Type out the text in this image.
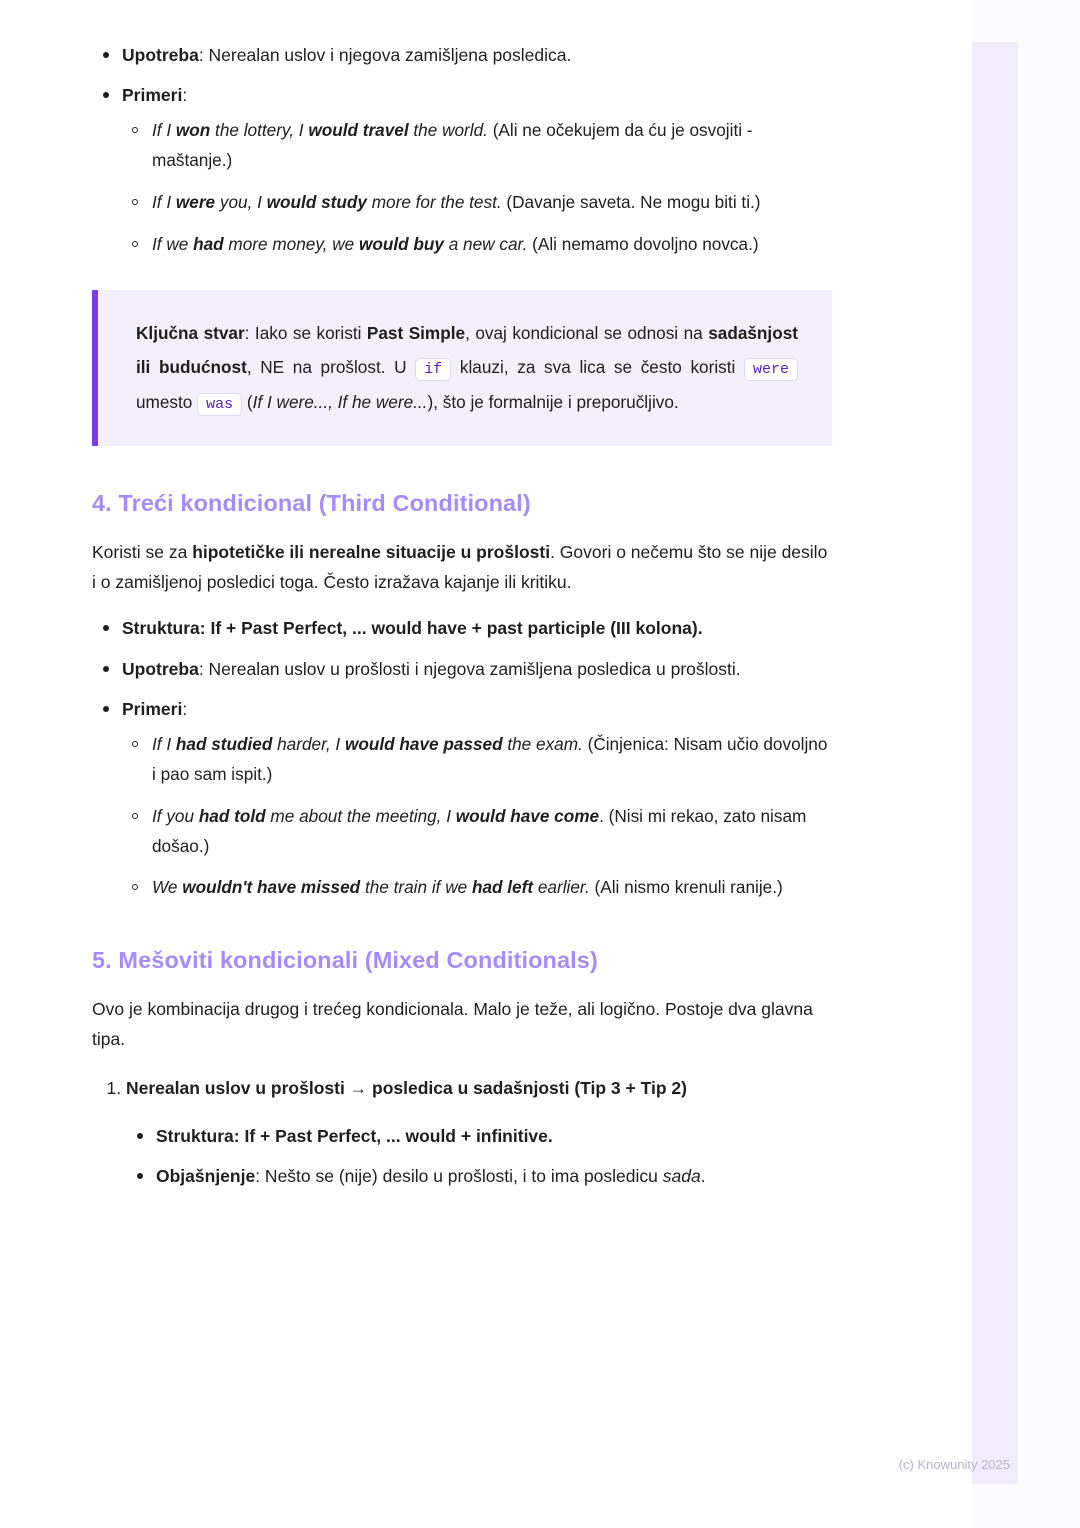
Upotreba: Nerealan uslov i njegova zamišljena posledica.
Primeri:
If I won the lottery, I would travel the world. (Ali ne očekujem da ću je osvojiti - maštanje.)
If I were you, I would study more for the test. (Davanje saveta. Ne mogu biti ti.)
If we had more money, we would buy a new car. (Ali nemamo dovoljno novca.)

Ključna stvar: Iako se koristi Past Simple, ovaj kondicional se odnosi na sadašnjost ili budućnost, NE na prošlost. U if klauzi, za sva lica se često koristi were umesto was (If I were..., If he were...), što je formalnije i preporučljivo.

4. Treći kondicional (Third Conditional)

Koristi se za hipotetičke ili nerealne situacije u prošlosti. Govori o nečemu što se nije desilo i o zamišljenoj posledici toga. Često izražava kajanje ili kritiku.

Struktura: If + Past Perfect, ... would have + past participle (III kolona).
Upotreba: Nerealan uslov u prošlosti i njegova zamišljena posledica u prošlosti.
Primeri:
If I had studied harder, I would have passed the exam. (Činjenica: Nisam učio dovoljno i pao sam ispit.)
If you had told me about the meeting, I would have come. (Nisi mi rekao, zato nisam došao.)
We wouldn't have missed the train if we had left earlier. (Ali nismo krenuli ranije.)
5. Mešoviti kondicionali (Mixed Conditionals)

Ovo je kombinacija drugog i trećeg kondicionala. Malo je teže, ali logično. Postoje dva glavna tipa.

1. Nerealan uslov u prošlosti → posledica u sadašnjosti (Tip 3 + Tip 2)
Struktura: If + Past Perfect, ... would + infinitive.
Objašnjenje: Nešto se (nije) desilo u prošlosti, i to ima posledicu sada.
(c) Knowunity 2025
